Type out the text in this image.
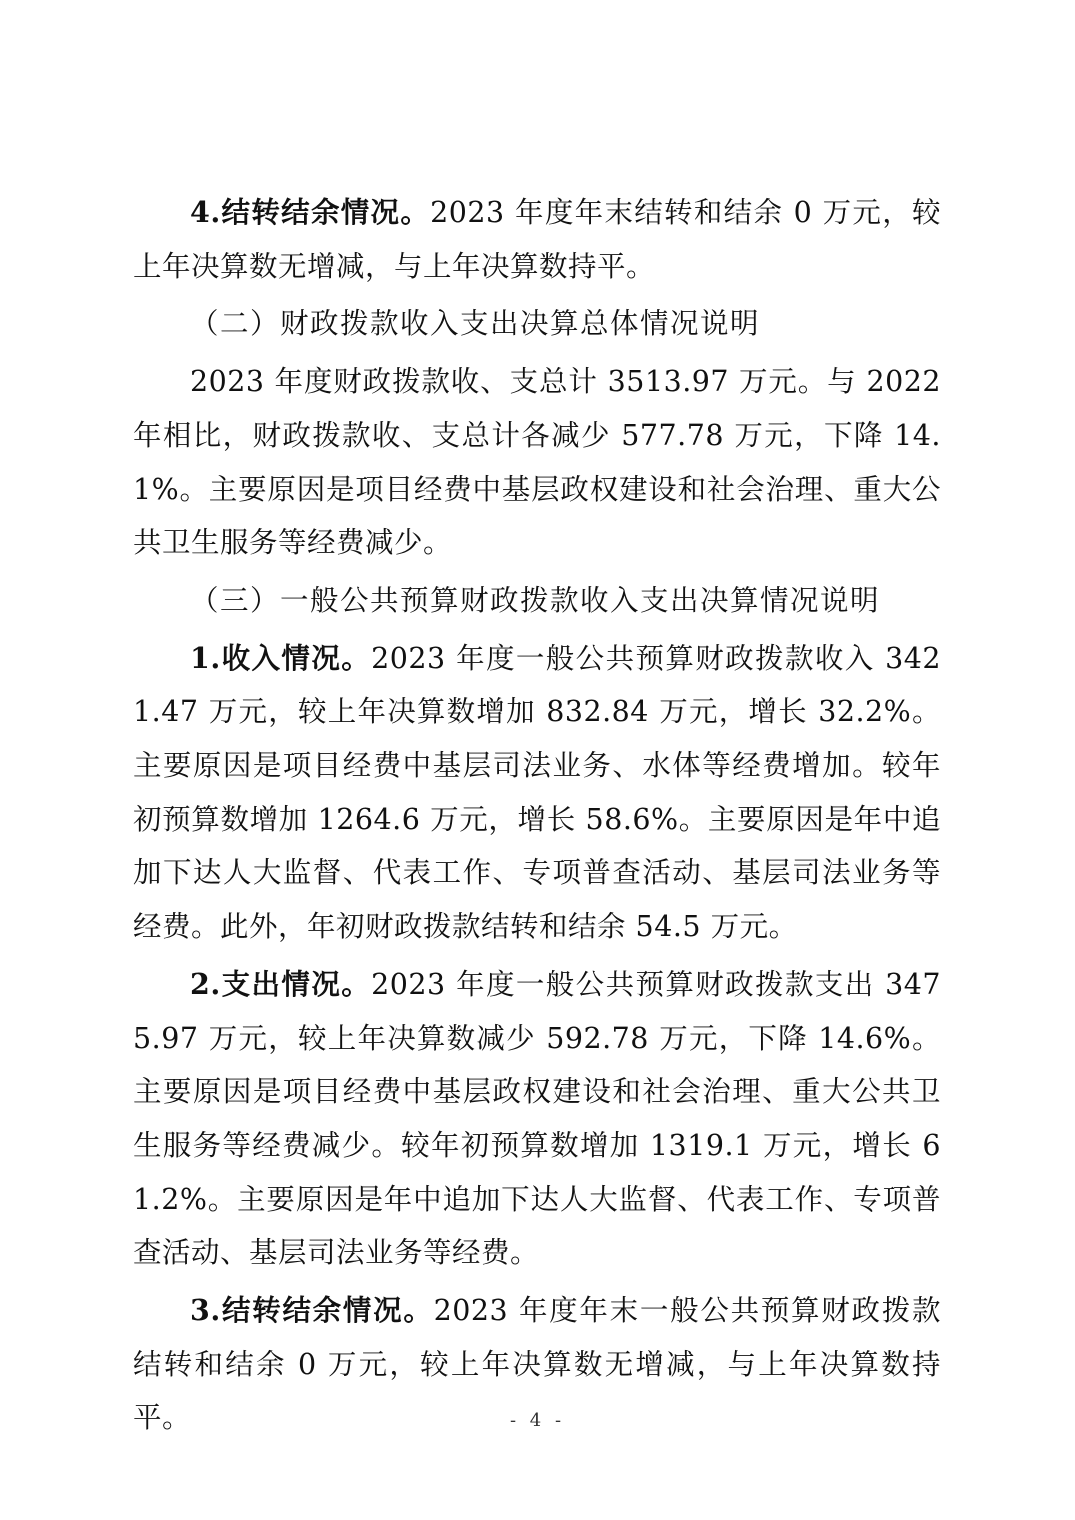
4.结转结余情况。2023 年度年末结转和结余 0 万元，较上年决算数无增减，与上年决算数持平。

（二）财政拨款收入支出决算总体情况说明

2023 年度财政拨款收、支总计 3513.97 万元。与 2022 年相比，财政拨款收、支总计各减少 577.78 万元，下降 14.1%。主要原因是项目经费中基层政权建设和社会治理、重大公共卫生服务等经费减少。

（三）一般公共预算财政拨款收入支出决算情况说明

1.收入情况。2023 年度一般公共预算财政拨款收入 3421.47 万元，较上年决算数增加 832.84 万元，增长 32.2%。主要原因是项目经费中基层司法业务、水体等经费增加。较年初预算数增加 1264.6 万元，增长 58.6%。主要原因是年中追加下达人大监督、代表工作、专项普查活动、基层司法业务等经费。此外，年初财政拨款结转和结余 54.5 万元。

2.支出情况。2023 年度一般公共预算财政拨款支出 3475.97 万元，较上年决算数减少 592.78 万元，下降 14.6%。主要原因是项目经费中基层政权建设和社会治理、重大公共卫生服务等经费减少。较年初预算数增加 1319.1 万元，增长 61.2%。主要原因是年中追加下达人大监督、代表工作、专项普查活动、基层司法业务等经费。

3.结转结余情况。2023 年度年末一般公共预算财政拨款结转和结余 0 万元，较上年决算数无增减，与上年决算数持平。	- 4 -
